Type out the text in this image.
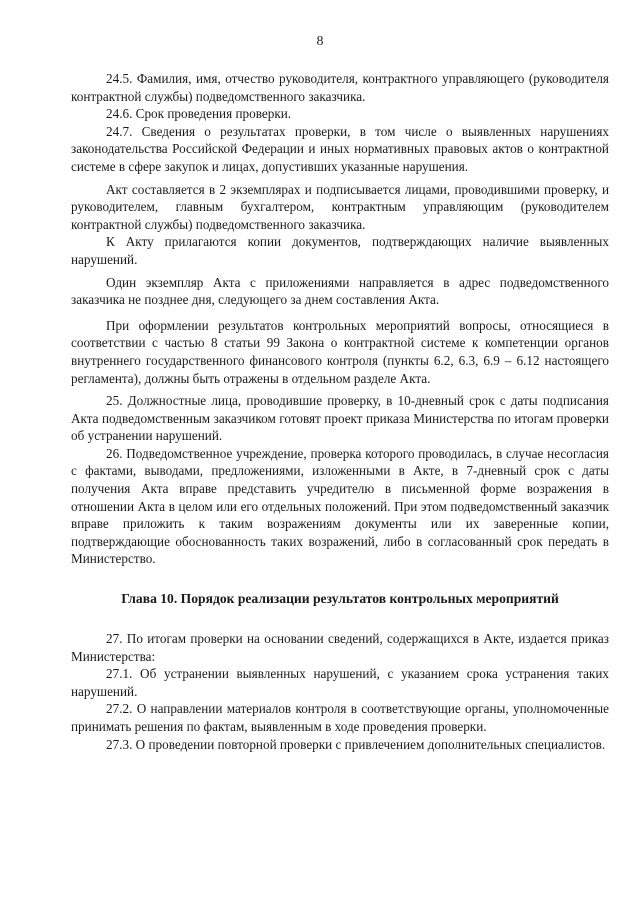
8

24.5. Фамилия, имя, отчество руководителя, контрактного управляющего (руководителя контрактной службы) подведомственного заказчика.

24.6. Срок проведения проверки.

24.7. Сведения о результатах проверки, в том числе о выявленных нарушениях законодательства Российской Федерации и иных нормативных правовых актов о контрактной системе в сфере закупок и лицах, допустивших указанные нарушения.

Акт составляется в 2 экземплярах и подписывается лицами, проводившими проверку, и руководителем, главным бухгалтером, контрактным управляющим (руководителем контрактной службы) подведомственного заказчика.

К Акту прилагаются копии документов, подтверждающих наличие выявленных нарушений.

Один экземпляр Акта с приложениями направляется в адрес подведомственного заказчика не позднее дня, следующего за днем составления Акта.

При оформлении результатов контрольных мероприятий вопросы, относящиеся в соответствии с частью 8 статьи 99 Закона о контрактной системе к компетенции органов внутреннего государственного финансового контроля (пункты 6.2, 6.3, 6.9 – 6.12 настоящего регламента), должны быть отражены в отдельном разделе Акта.

25. Должностные лица, проводившие проверку, в 10-дневный срок с даты подписания Акта подведомственным заказчиком готовят проект приказа Министерства по итогам проверки об устранении нарушений.

26. Подведомственное учреждение, проверка которого проводилась, в случае несогласия с фактами, выводами, предложениями, изложенными в Акте, в 7-дневный срок с даты получения Акта вправе представить учредителю в письменной форме возражения в отношении Акта в целом или его отдельных положений. При этом подведомственный заказчик вправе приложить к таким возражениям документы или их заверенные копии, подтверждающие обоснованность таких возражений, либо в согласованный срок передать в Министерство.

Глава 10. Порядок реализации результатов контрольных мероприятий

27. По итогам проверки на основании сведений, содержащихся в Акте, издается приказ Министерства:

27.1. Об устранении выявленных нарушений, с указанием срока устранения таких нарушений.

27.2. О направлении материалов контроля в соответствующие органы, уполномоченные принимать решения по фактам, выявленным в ходе проведения проверки.

27.3. О проведении повторной проверки с привлечением дополнительных специалистов.
